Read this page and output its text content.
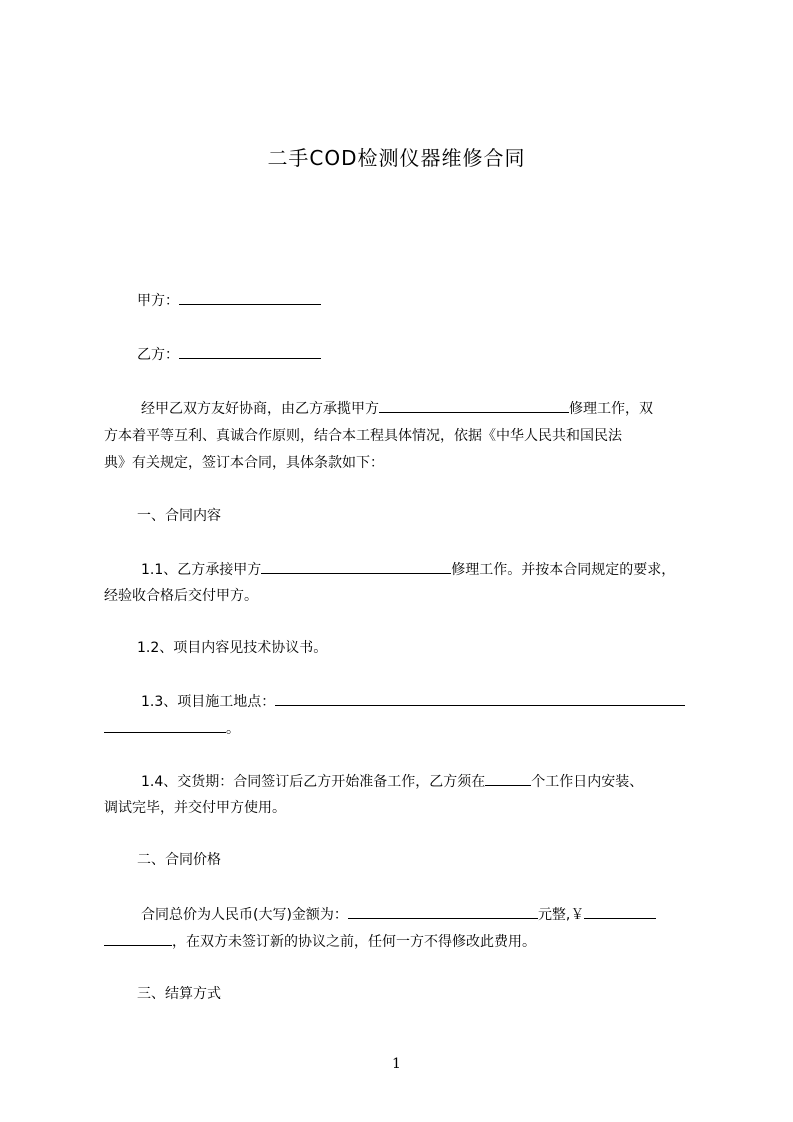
二手COD检测仪器维修合同
甲方：
乙方：
经甲乙双方友好协商，由乙方承揽甲方	修理工作，双
方本着平等互利、真诚合作原则，结合本工程具体情况，依据《中华人民共和国民法
典》有关规定，签订本合同，具体条款如下：
一、合同内容
1.1、乙方承接甲方	修理工作。并按本合同规定的要求，
经验收合格后交付甲方。
1.2、项目内容见技术协议书。
1.3、项目施工地点：
。
1.4、交货期：合同签订后乙方开始准备工作，乙方须在	个工作日内安装、
调试完毕，并交付甲方使用。
二、合同价格
合同总价为人民币(大写)金额为：	元整,￥
，在双方未签订新的协议之前，任何一方不得修改此费用。
三、结算方式
1
